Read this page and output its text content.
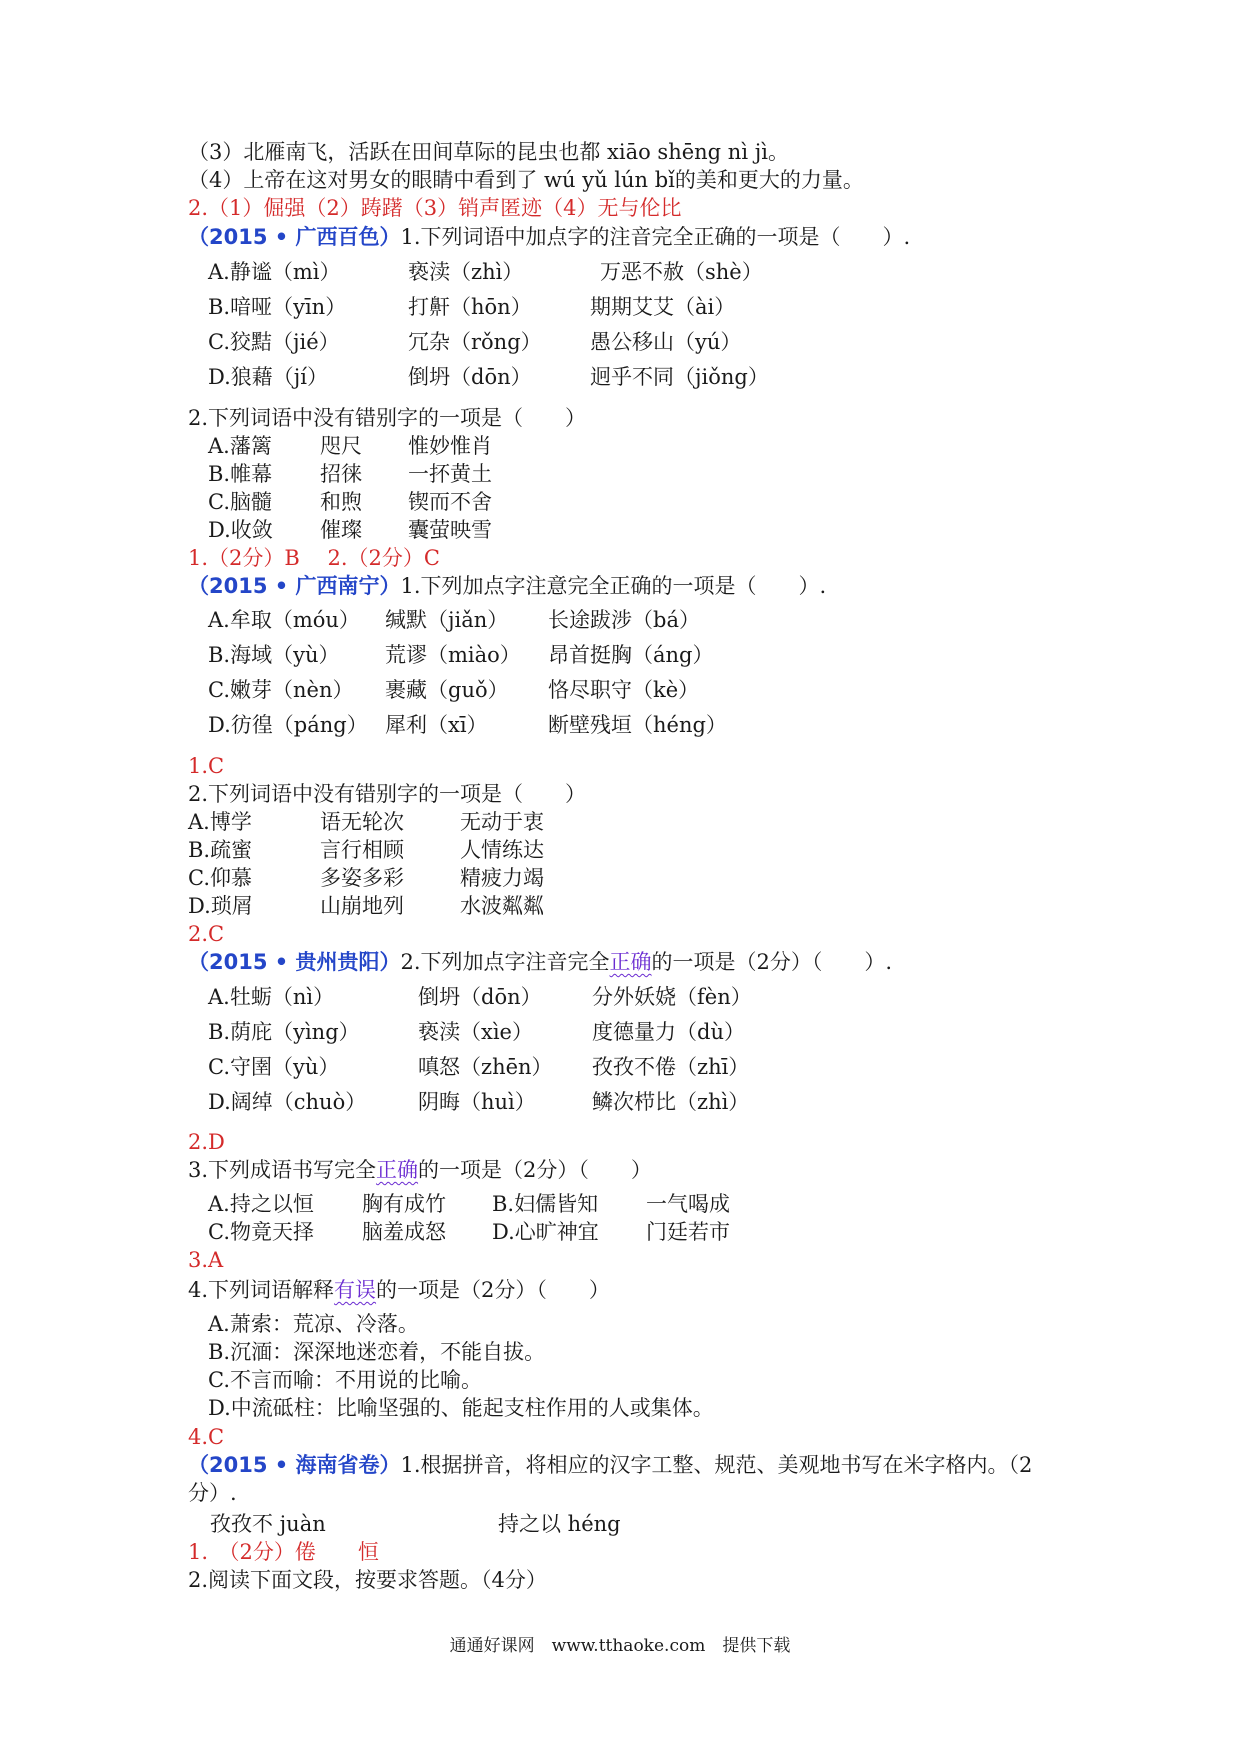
（3）北雁南飞，活跃在田间草际的昆虫也都 xiāo shēng nì jì。
（4）上帝在这对男女的眼睛中看到了 wú yǔ lún bǐ的美和更大的力量。
2.（1）倔强（2）踌躇（3）销声匿迹（4）无与伦比
（2015 • 广西百色）1.下列词语中加点字的注音完全正确的一项是（　　）.
A.静谧（mì）	亵渎（zhì）	万恶不赦（shè）
B.喑哑（yīn）	打鼾（hōn）	期期艾艾（ài）
C.狡黠（jié）	冗杂（rǒng） 愚公移山（yú）
D.狼藉（jí）	倒坍（dōn）	迥乎不同（jiǒng）
2.下列词语中没有错别字的一项是（　　）
A.藩篱 咫尺 惟妙惟肖
B.帷幕 招徕 一抔黄土
C.脑髓 和煦 锲而不舍
D.收敛 催璨 囊萤映雪
1.（2分）B　 2.（2分）C
（2015 • 广西南宁）1.下列加点字注意完全正确的一项是（　　）.
A.牟取（móu） 缄默（jiǎn） 长途跋涉（bá）
B.海域（yù） 荒谬（miào） 昂首挺胸（áng）
C.嫩芽（nèn） 裹藏（guǒ） 恪尽职守（kè）
D.彷徨（páng） 犀利（xī）	断壁残垣（héng）
1.C
2.下列词语中没有错别字的一项是（　　）
A.博学	语无轮次	无动于衷
B.疏蜜	言行相顾	人情练达
C.仰慕	多姿多彩	精疲力竭
D.琐屑	山崩地列	水波粼粼
2.C
（2015 • 贵州贵阳）2.下列加点字注音完全正确的一项是（2分）（　　）.
A.牡蛎（nì）	倒坍（dōn） 分外妖娆（fèn）
B.荫庇（yìng）	亵渎（xìe）	度德量力（dù）
C.守圉（yù）	嗔怒（zhēn） 孜孜不倦（zhī）
D.阔绰（chuò） 阴晦（huì）	鳞次栉比（zhì）
2.D
3.下列成语书写完全正确的一项是（2分）（　　）
A.持之以恒 胸有成竹 B.妇儒皆知 一气喝成
C.物竟天择 脑羞成怒 D.心旷神宜 门廷若市
3.A
4.下列词语解释有误的一项是（2分）（　　）
A.萧索：荒凉、冷落。
B.沉湎：深深地迷恋着，不能自拔。
C.不言而喻：不用说的比喻。
D.中流砥柱：比喻坚强的、能起支柱作用的人或集体。
4.C
（2015 • 海南省卷）1.根据拼音，将相应的汉字工整、规范、美观地书写在米字格内。（2
分）.
孜孜不 juàn	持之以 héng
1.　（2分）倦　　恒
2.阅读下面文段，按要求答题。（4分）
通通好课网　www.tthaoke.com　提供下载
